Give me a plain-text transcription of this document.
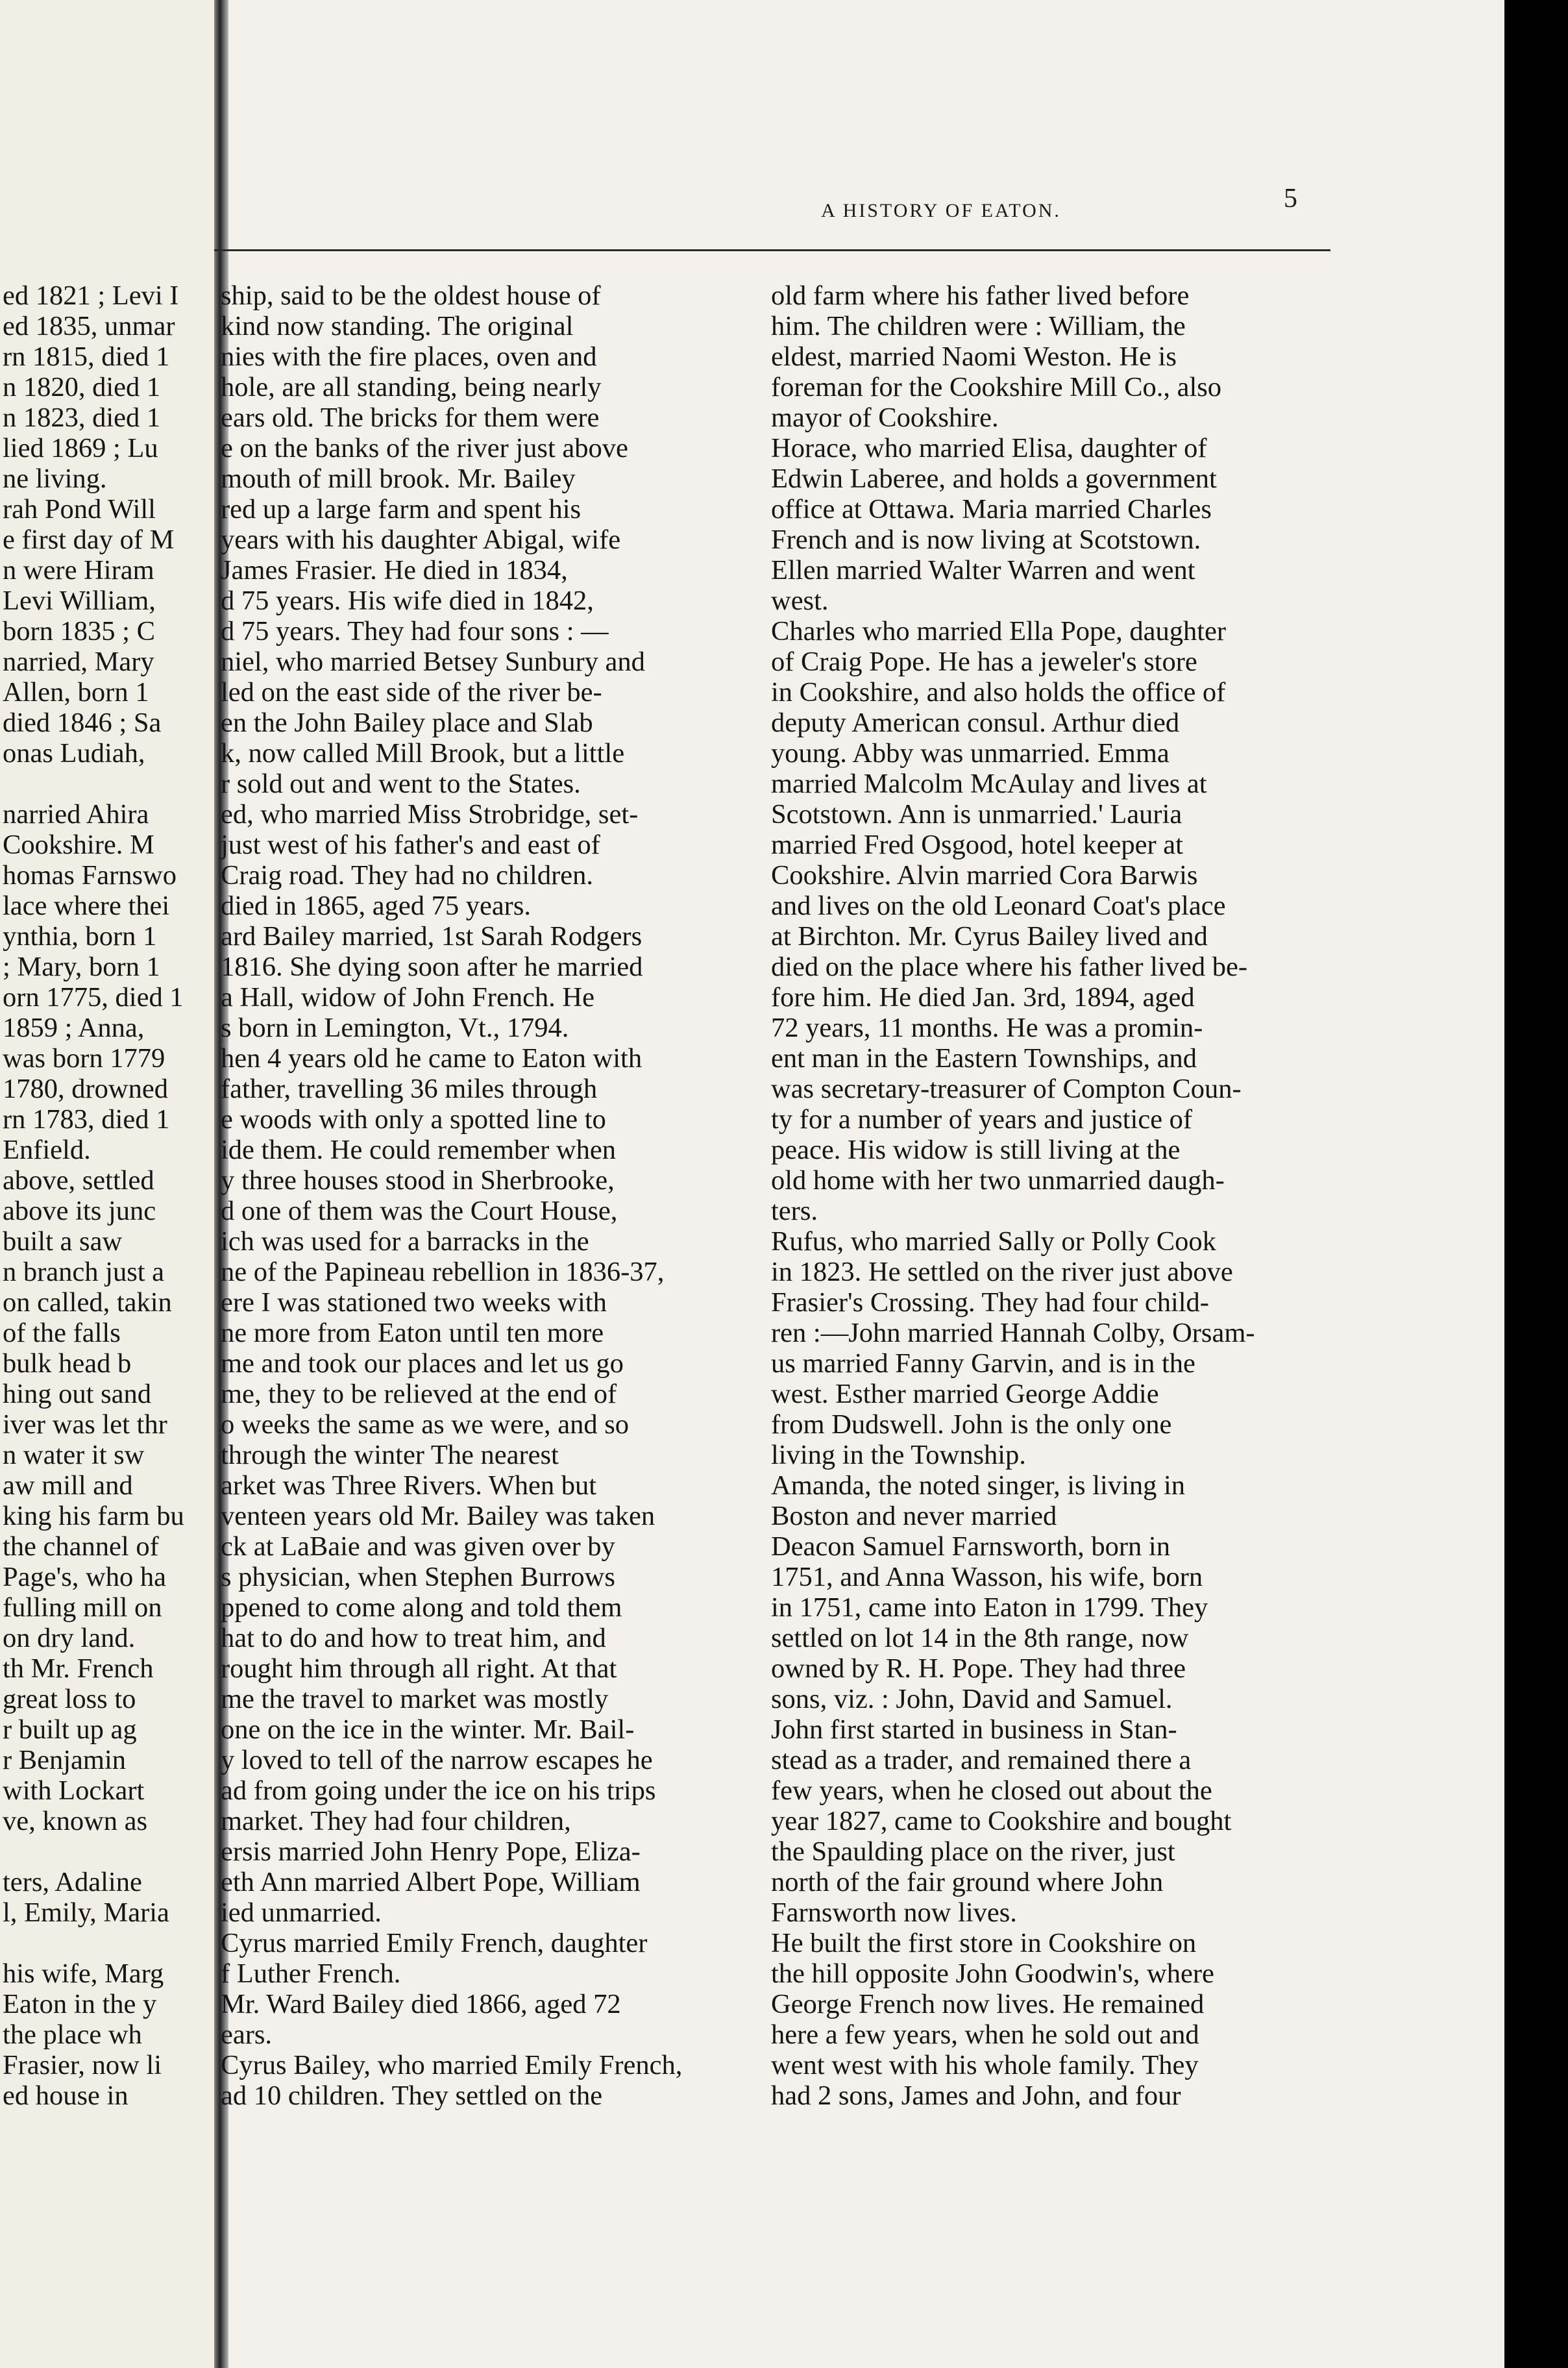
A HISTORY OF EATON.	5
ed 1821 ; Levi I
ed 1835, unmar
rn 1815, died 1
n 1820, died 1
n 1823, died 1
lied 1869 ; Lu
ne living.
rah Pond Will
e first day of M
n were Hiram
Levi William,
born 1835 ; C
narried, Mary
Allen, born 1
died 1846 ; Sa
onas Ludiah,
narried Ahira
Cookshire. M
homas Farnswo
lace where thei
ynthia, born 1
; Mary, born 1
orn 1775, died 1
1859 ; Anna,
was born 1779
1780, drowned
rn 1783, died 1
Enfield.
above, settled
above its junc
built a saw
n branch just a
on called, takin
of the falls
bulk head b
hing out sand
iver was let thr
n water it sw
aw mill and
king his farm bu
the channel of
Page's, who ha
fulling mill on
on dry land.
th Mr. French
great loss to
r built up ag
r Benjamin
with Lockart
ve, known as
ters, Adaline
l, Emily, Maria
his wife, Marg
Eaton in the y
the place wh
Frasier, now li
ed house in
ship, said to be the oldest house of
kind now standing. The original
nies with the fire places, oven and
hole, are all standing, being nearly
ears old. The bricks for them were
e on the banks of the river just above
mouth of mill brook. Mr. Bailey
red up a large farm and spent his
years with his daughter Abigal, wife
James Frasier. He died in 1834,
d 75 years. His wife died in 1842,
d 75 years. They had four sons : —
niel, who married Betsey Sunbury and
led on the east side of the river be-
en the John Bailey place and Slab
k, now called Mill Brook, but a little
r sold out and went to the States.
ed, who married Miss Strobridge, set-
just west of his father's and east of
Craig road. They had no children.
died in 1865, aged 75 years.
ard Bailey married, 1st Sarah Rodgers
1816. She dying soon after he married
a Hall, widow of John French. He
s born in Lemington, Vt., 1794.
hen 4 years old he came to Eaton with
father, travelling 36 miles through
e woods with only a spotted line to
ide them. He could remember when
y three houses stood in Sherbrooke,
d one of them was the Court House,
ich was used for a barracks in the
ne of the Papineau rebellion in 1836-37,
ere I was stationed two weeks with
ne more from Eaton until ten more
me and took our places and let us go
me, they to be relieved at the end of
o weeks the same as we were, and so
through the winter The nearest
arket was Three Rivers. When but
venteen years old Mr. Bailey was taken
ck at LaBaie and was given over by
s physician, when Stephen Burrows
ppened to come along and told them
hat to do and how to treat him, and
rought him through all right. At that
me the travel to market was mostly
one on the ice in the winter. Mr. Bail-
y loved to tell of the narrow escapes he
ad from going under the ice on his trips
market. They had four children,
ersis married John Henry Pope, Eliza-
eth Ann married Albert Pope, William
ied unmarried.
Cyrus married Emily French, daughter
f Luther French.
Mr. Ward Bailey died 1866, aged 72
ears.
Cyrus Bailey, who married Emily French,
ad 10 children. They settled on the
old farm where his father lived before
him. The children were : William, the
eldest, married Naomi Weston. He is
foreman for the Cookshire Mill Co., also
mayor of Cookshire.
Horace, who married Elisa, daughter of
Edwin Laberee, and holds a government
office at Ottawa. Maria married Charles
French and is now living at Scotstown.
Ellen married Walter Warren and went
west.
Charles who married Ella Pope, daughter
of Craig Pope. He has a jeweler's store
in Cookshire, and also holds the office of
deputy American consul. Arthur died
young. Abby was unmarried. Emma
married Malcolm McAulay and lives at
Scotstown. Ann is unmarried.' Lauria
married Fred Osgood, hotel keeper at
Cookshire. Alvin married Cora Barwis
and lives on the old Leonard Coat's place
at Birchton. Mr. Cyrus Bailey lived and
died on the place where his father lived be-
fore him. He died Jan. 3rd, 1894, aged
72 years, 11 months. He was a promin-
ent man in the Eastern Townships, and
was secretary-treasurer of Compton Coun-
ty for a number of years and justice of
peace. His widow is still living at the
old home with her two unmarried daugh-
ters.
Rufus, who married Sally or Polly Cook
in 1823. He settled on the river just above
Frasier's Crossing. They had four child-
ren :—John married Hannah Colby, Orsam-
us married Fanny Garvin, and is in the
west. Esther married George Addie
from Dudswell. John is the only one
living in the Township.
Amanda, the noted singer, is living in
Boston and never married
Deacon Samuel Farnsworth, born in
1751, and Anna Wasson, his wife, born
in 1751, came into Eaton in 1799. They
settled on lot 14 in the 8th range, now
owned by R. H. Pope. They had three
sons, viz. : John, David and Samuel.
John first started in business in Stan-
stead as a trader, and remained there a
few years, when he closed out about the
year 1827, came to Cookshire and bought
the Spaulding place on the river, just
north of the fair ground where John
Farnsworth now lives.
He built the first store in Cookshire on
the hill opposite John Goodwin's, where
George French now lives. He remained
here a few years, when he sold out and
went west with his whole family. They
had 2 sons, James and John, and four
